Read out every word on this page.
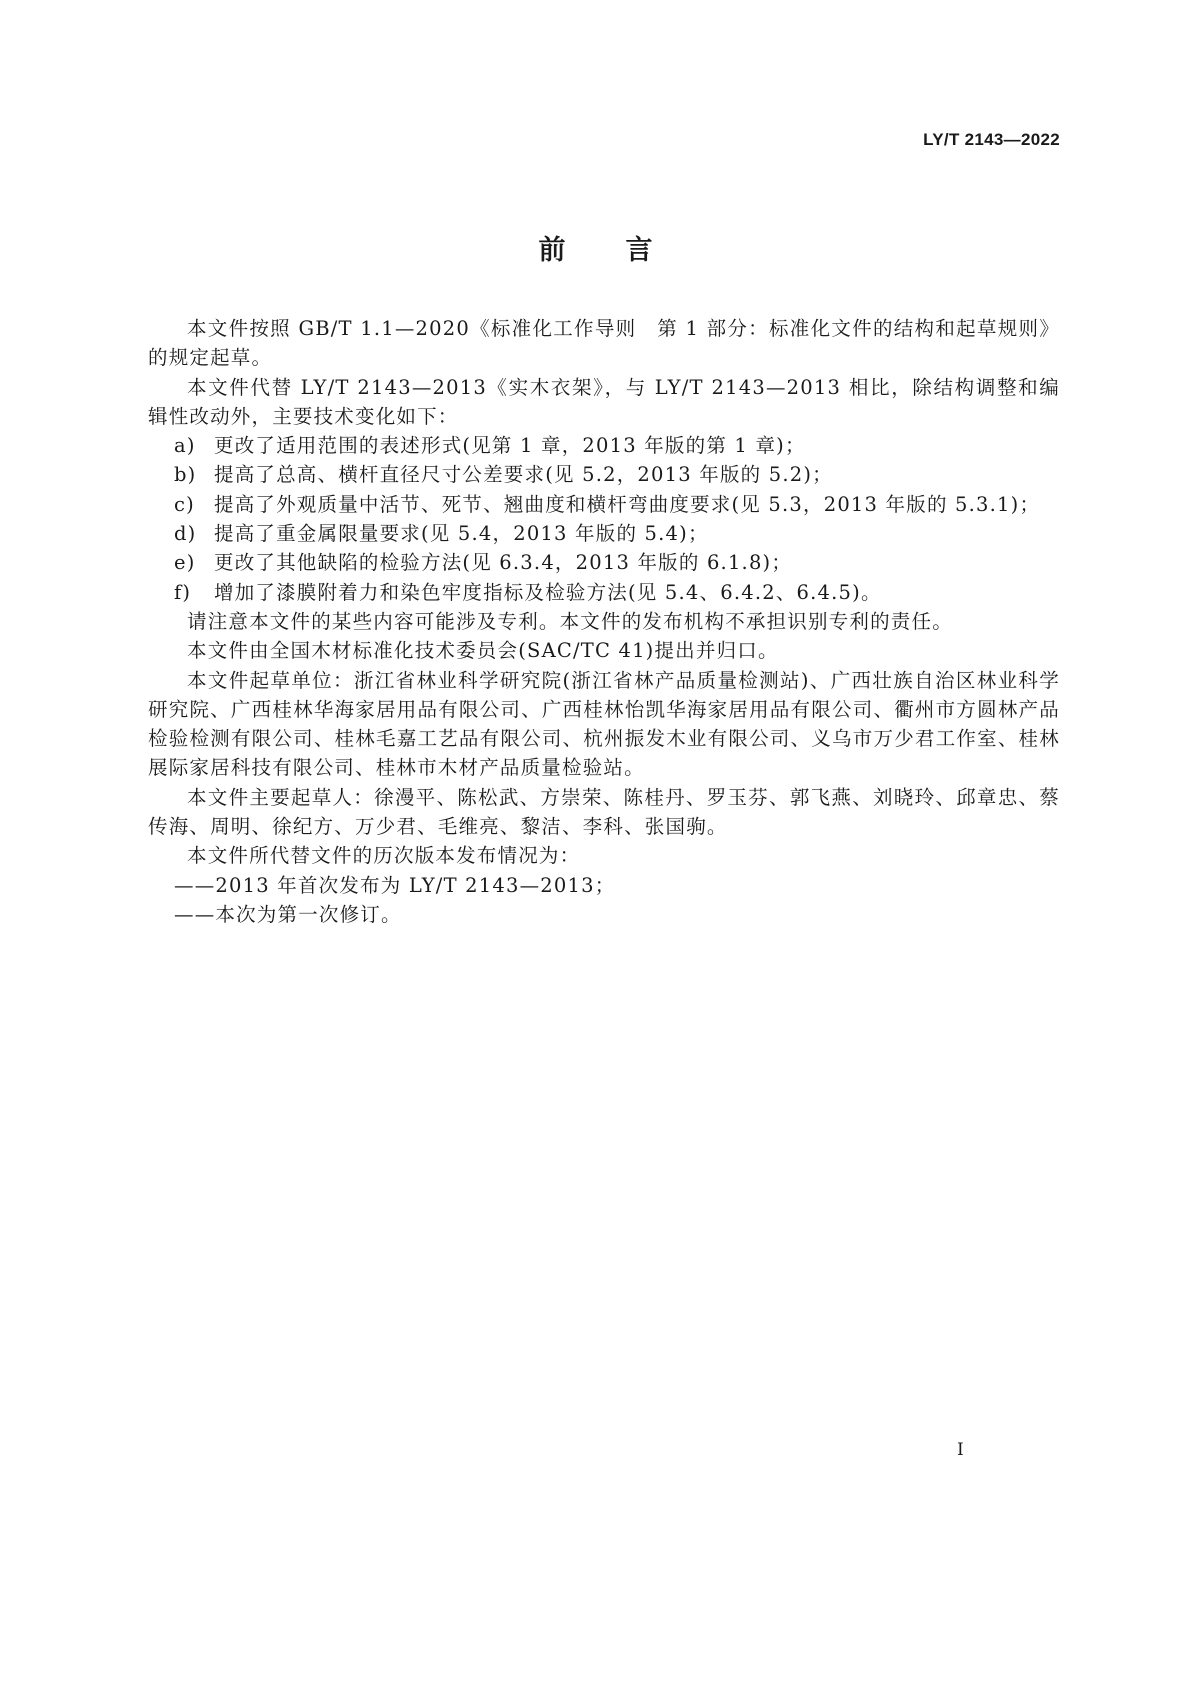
LY/T 2143—2022
前 言

本文件按照 GB/T 1.1—2020《标准化工作导则　第 1 部分：标准化文件的结构和起草规则》的规定起草。

本文件代替 LY/T 2143—2013《实木衣架》，与 LY/T 2143—2013 相比，除结构调整和编辑性改动外，主要技术变化如下：

a) 更改了适用范围的表述形式(见第 1 章，2013 年版的第 1 章)；

b) 提高了总高、横杆直径尺寸公差要求(见 5.2，2013 年版的 5.2)；

c) 提高了外观质量中活节、死节、翘曲度和横杆弯曲度要求(见 5.3，2013 年版的 5.3.1)；

d) 提高了重金属限量要求(见 5.4，2013 年版的 5.4)；

e) 更改了其他缺陷的检验方法(见 6.3.4，2013 年版的 6.1.8)；

f) 增加了漆膜附着力和染色牢度指标及检验方法(见 5.4、6.4.2、6.4.5)。

请注意本文件的某些内容可能涉及专利。本文件的发布机构不承担识别专利的责任。

本文件由全国木材标准化技术委员会(SAC/TC 41)提出并归口。

本文件起草单位：浙江省林业科学研究院(浙江省林产品质量检测站)、广西壮族自治区林业科学研究院、广西桂林华海家居用品有限公司、广西桂林怡凯华海家居用品有限公司、衢州市方圆林产品检验检测有限公司、桂林毛嘉工艺品有限公司、杭州振发木业有限公司、义乌市万少君工作室、桂林展际家居科技有限公司、桂林市木材产品质量检验站。

本文件主要起草人：徐漫平、陈松武、方崇荣、陈桂丹、罗玉芬、郭飞燕、刘晓玲、邱章忠、蔡传海、周明、徐纪方、万少君、毛维亮、黎洁、李科、张国驹。

本文件所代替文件的历次版本发布情况为：

——2013 年首次发布为 LY/T 2143—2013；

——本次为第一次修订。

I
